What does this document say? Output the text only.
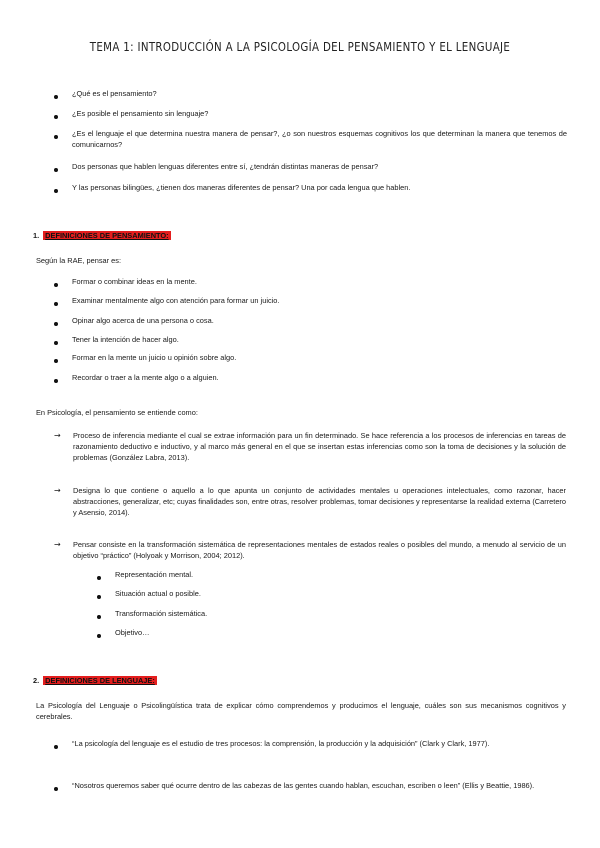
TEMA 1: INTRODUCCIÓN A LA PSICOLOGÍA DEL PENSAMIENTO Y EL LENGUAJE
¿Qué es el pensamiento?
¿Es posible el pensamiento sin lenguaje?
¿Es el lenguaje el que determina nuestra manera de pensar?, ¿o son nuestros esquemas cognitivos los que determinan la manera que tenemos de comunicarnos?
Dos personas que hablen lenguas diferentes entre sí, ¿tendrán distintas maneras de pensar?
Y las personas bilingües, ¿tienen dos maneras diferentes de pensar? Una por cada lengua que hablen.
1. DEFINICIONES DE PENSAMIENTO:
Según la RAE, pensar es:
Formar o combinar ideas en la mente.
Examinar mentalmente algo con atención para formar un juicio.
Opinar algo acerca de una persona o cosa.
Tener la intención de hacer algo.
Formar en la mente un juicio u opinión sobre algo.
Recordar o traer a la mente algo o a alguien.
En Psicología, el pensamiento se entiende como:
→ Proceso de inferencia mediante el cual se extrae información para un fin determinado. Se hace referencia a los procesos de inferencias en tareas de razonamiento deductivo e inductivo, y al marco más general en el que se insertan estas inferencias como son la toma de decisiones y la solución de problemas (González Labra, 2013).
→ Designa lo que contiene o aquello a lo que apunta un conjunto de actividades mentales u operaciones intelectuales, como razonar, hacer abstracciones, generalizar, etc; cuyas finalidades son, entre otras, resolver problemas, tomar decisiones y representarse la realidad externa (Carretero y Asensio, 2014).
→ Pensar consiste en la transformación sistemática de representaciones mentales de estados reales o posibles del mundo, a menudo al servicio de un objetivo “práctico” (Holyoak y Morrison, 2004; 2012).
Representación mental.
Situación actual o posible.
Transformación sistemática.
Objetivo…
2. DEFINICIONES DE LENGUAJE:
La Psicología del Lenguaje o Psicolingüística trata de explicar cómo comprendemos y producimos el lenguaje, cuáles son sus mecanismos cognitivos y cerebrales.
“La psicología del lenguaje es el estudio de tres procesos: la comprensión, la producción y la adquisición” (Clark y Clark, 1977).
“Nosotros queremos saber qué ocurre dentro de las cabezas de las gentes cuando hablan, escuchan, escriben o leen” (Ellis y Beattie, 1986).
